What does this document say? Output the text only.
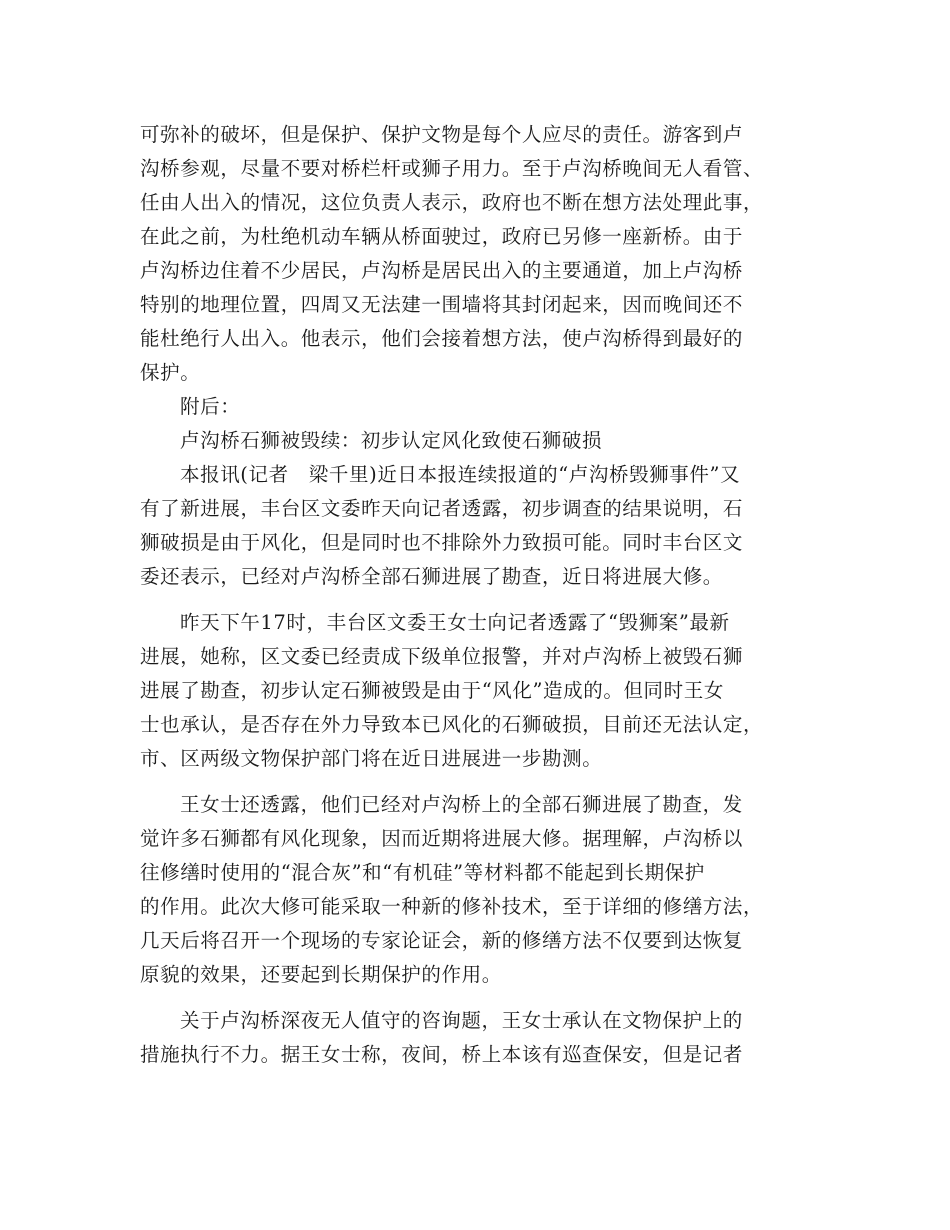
可弥补的破坏，但是保护、保护文物是每个人应尽的责任。游客到卢
沟桥参观，尽量不要对桥栏杆或狮子用力。至于卢沟桥晚间无人看管、
任由人出入的情况，这位负责人表示，政府也不断在想方法处理此事，
在此之前，为杜绝机动车辆从桥面驶过，政府已另修一座新桥。由于
卢沟桥边住着不少居民，卢沟桥是居民出入的主要通道，加上卢沟桥
特别的地理位置，四周又无法建一围墙将其封闭起来，因而晚间还不
能杜绝行人出入。他表示，他们会接着想方法，使卢沟桥得到最好的
保护。
附后：
卢沟桥石狮被毁续：初步认定风化致使石狮破损
本报讯(记者　梁千里)近日本报连续报道的“卢沟桥毁狮事件”又
有了新进展，丰台区文委昨天向记者透露，初步调查的结果说明，石
狮破损是由于风化，但是同时也不排除外力致损可能。同时丰台区文
委还表示，已经对卢沟桥全部石狮进展了勘查，近日将进展大修。
昨天下午17时，丰台区文委王女士向记者透露了“毁狮案”最新
进展，她称，区文委已经责成下级单位报警，并对卢沟桥上被毁石狮
进展了勘查，初步认定石狮被毁是由于“风化”造成的。但同时王女
士也承认，是否存在外力导致本已风化的石狮破损，目前还无法认定，
市、区两级文物保护部门将在近日进展进一步勘测。
王女士还透露，他们已经对卢沟桥上的全部石狮进展了勘查，发
觉许多石狮都有风化现象，因而近期将进展大修。据理解，卢沟桥以
往修缮时使用的“混合灰”和“有机硅”等材料都不能起到长期保护
的作用。此次大修可能采取一种新的修补技术，至于详细的修缮方法，
几天后将召开一个现场的专家论证会，新的修缮方法不仅要到达恢复
原貌的效果，还要起到长期保护的作用。
关于卢沟桥深夜无人值守的咨询题，王女士承认在文物保护上的
措施执行不力。据王女士称，夜间，桥上本该有巡查保安，但是记者
